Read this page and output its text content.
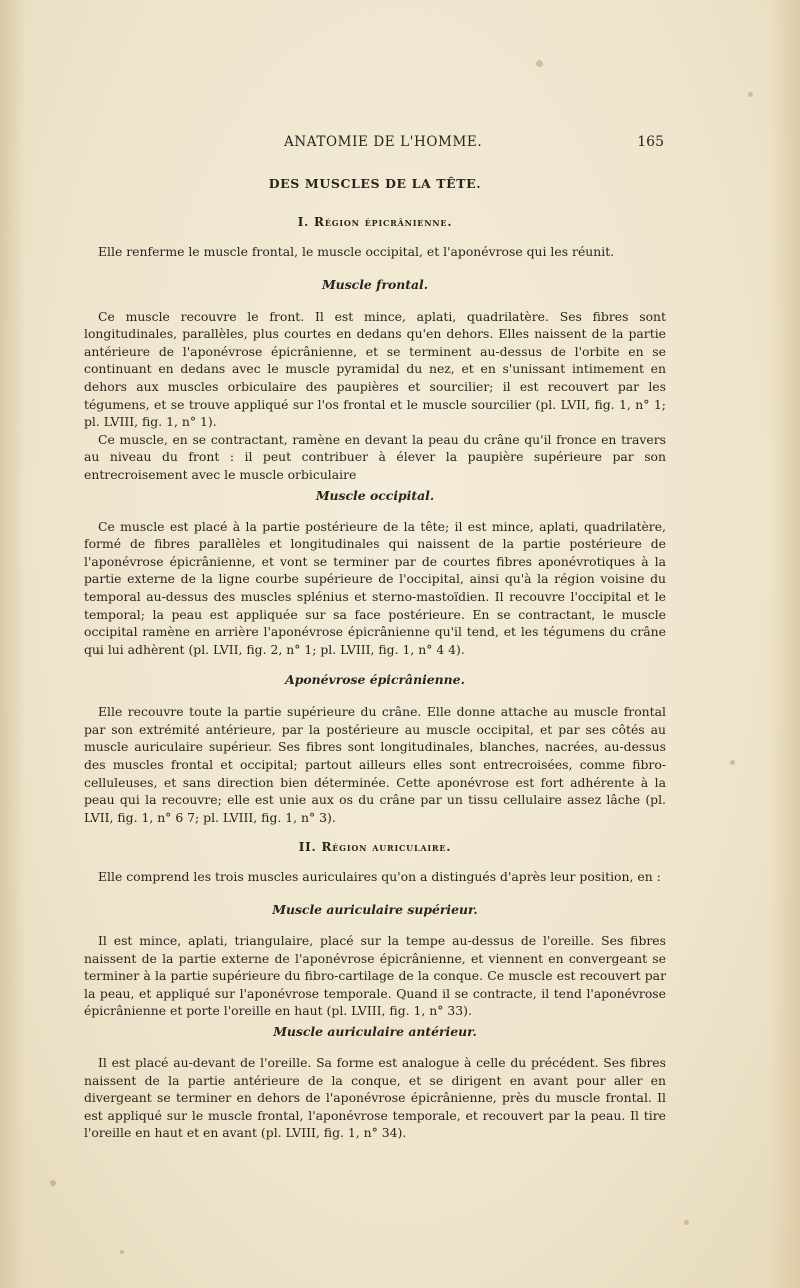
ANATOMIE DE L'HOMME.	165
DES MUSCLES DE LA TÊTE.
I. Région épicrânienne.

Elle renferme le muscle frontal, le muscle occipital, et l'aponévrose qui les réunit.

Muscle frontal.

Ce muscle recouvre le front. Il est mince, aplati, quadrilatère. Ses fibres sont longitudinales, parallèles, plus courtes en dedans qu'en dehors. Elles naissent de la partie antérieure de l'aponévrose épicrânienne, et se terminent au-dessus de l'orbite en se continuant en dedans avec le muscle pyramidal du nez, et en s'unissant intimement en dehors aux muscles orbiculaire des paupières et sourcilier; il est recouvert par les tégumens, et se trouve appliqué sur l'os frontal et le muscle sourcilier (pl. LVII, fig. 1, n° 1; pl. LVIII, fig. 1, n° 1).

Ce muscle, en se contractant, ramène en devant la peau du crâne qu'il fronce en travers au niveau du front : il peut contribuer à élever la paupière supérieure par son entrecroisement avec le muscle orbiculaire

Muscle occipital.

Ce muscle est placé à la partie postérieure de la tête; il est mince, aplati, quadrilatère, formé de fibres parallèles et longitudinales qui naissent de la partie postérieure de l'aponévrose épicrânienne, et vont se terminer par de courtes fibres aponévrotiques à la partie externe de la ligne courbe supérieure de l'occipital, ainsi qu'à la région voisine du temporal au-dessus des muscles splénius et sterno-mastoïdien. Il recouvre l'occipital et le temporal; la peau est appliquée sur sa face postérieure. En se contractant, le muscle occipital ramène en arrière l'aponévrose épicrânienne qu'il tend, et les tégumens du crâne qui lui adhèrent (pl. LVII, fig. 2, n° 1; pl. LVIII, fig. 1, n° 4 4).

Aponévrose épicrânienne.

Elle recouvre toute la partie supérieure du crâne. Elle donne attache au muscle frontal par son extrémité antérieure, par la postérieure au muscle occipital, et par ses côtés au muscle auriculaire supérieur. Ses fibres sont longitudinales, blanches, nacrées, au-dessus des muscles frontal et occipital; partout ailleurs elles sont entrecroisées, comme fibro-celluleuses, et sans direction bien déterminée. Cette aponévrose est fort adhérente à la peau qui la recouvre; elle est unie aux os du crâne par un tissu cellulaire assez lâche (pl. LVII, fig. 1, n° 6 7; pl. LVIII, fig. 1, n° 3).

II. Région auriculaire.

Elle comprend les trois muscles auriculaires qu'on a distingués d'après leur position, en :

Muscle auriculaire supérieur.

Il est mince, aplati, triangulaire, placé sur la tempe au-dessus de l'oreille. Ses fibres naissent de la partie externe de l'aponévrose épicrânienne, et viennent en convergeant se terminer à la partie supérieure du fibro-cartilage de la conque. Ce muscle est recouvert par la peau, et appliqué sur l'aponévrose temporale. Quand il se contracte, il tend l'aponévrose épicrânienne et porte l'oreille en haut (pl. LVIII, fig. 1, n° 33).

Muscle auriculaire antérieur.

Il est placé au-devant de l'oreille. Sa forme est analogue à celle du précédent. Ses fibres naissent de la partie antérieure de la conque, et se dirigent en avant pour aller en divergeant se terminer en dehors de l'aponévrose épicrânienne, près du muscle frontal. Il est appliqué sur le muscle frontal, l'aponévrose temporale, et recouvert par la peau. Il tire l'oreille en haut et en avant (pl. LVIII, fig. 1, n° 34).
